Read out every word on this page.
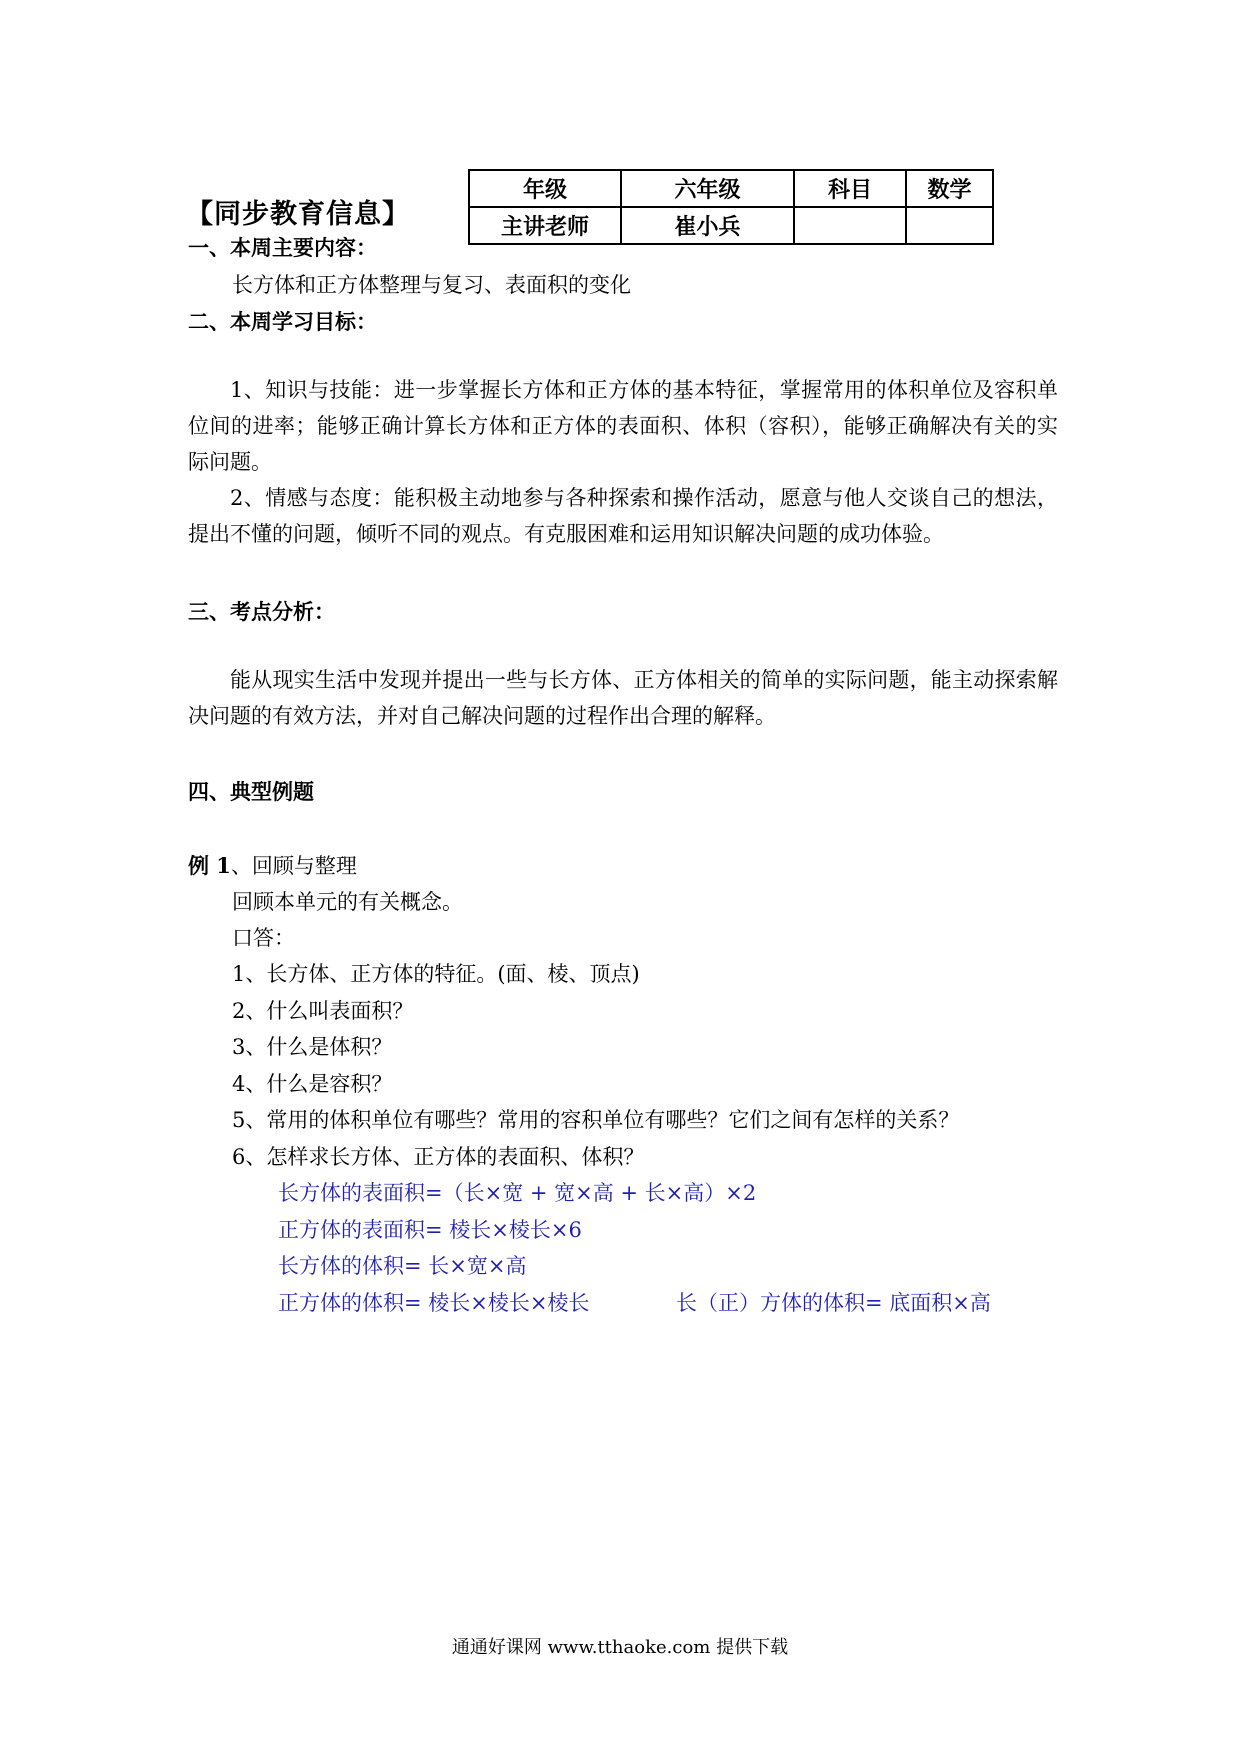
年级	六年级	科目	数学
主讲老师	崔小兵		
【同步教育信息】
一、本周主要内容：
长方体和正方体整理与复习、表面积的变化
二、本周学习目标：
1、知识与技能：进一步掌握长方体和正方体的基本特征，掌握常用的体积单位及容积单位间的进率；能够正确计算长方体和正方体的表面积、体积（容积），能够正确解决有关的实际问题。
2、情感与态度：能积极主动地参与各种探索和操作活动，愿意与他人交谈自己的想法，提出不懂的问题，倾听不同的观点。有克服困难和运用知识解决问题的成功体验。
三、考点分析：
能从现实生活中发现并提出一些与长方体、正方体相关的简单的实际问题，能主动探索解决问题的有效方法，并对自己解决问题的过程作出合理的解释。
四、典型例题
例 1、回顾与整理
回顾本单元的有关概念。
口答：
1、长方体、正方体的特征。(面、棱、顶点)
2、什么叫表面积？
3、什么是体积？
4、什么是容积？
5、常用的体积单位有哪些？常用的容积单位有哪些？它们之间有怎样的关系？
6、怎样求长方体、正方体的表面积、体积？
长方体的表面积=（长×宽 + 宽×高 + 长×高）×2
正方体的表面积= 棱长×棱长×6
长方体的体积= 长×宽×高
正方体的体积= 棱长×棱长×棱长	长（正）方体的体积= 底面积×高
通通好课网 www.tthaoke.com 提供下载
